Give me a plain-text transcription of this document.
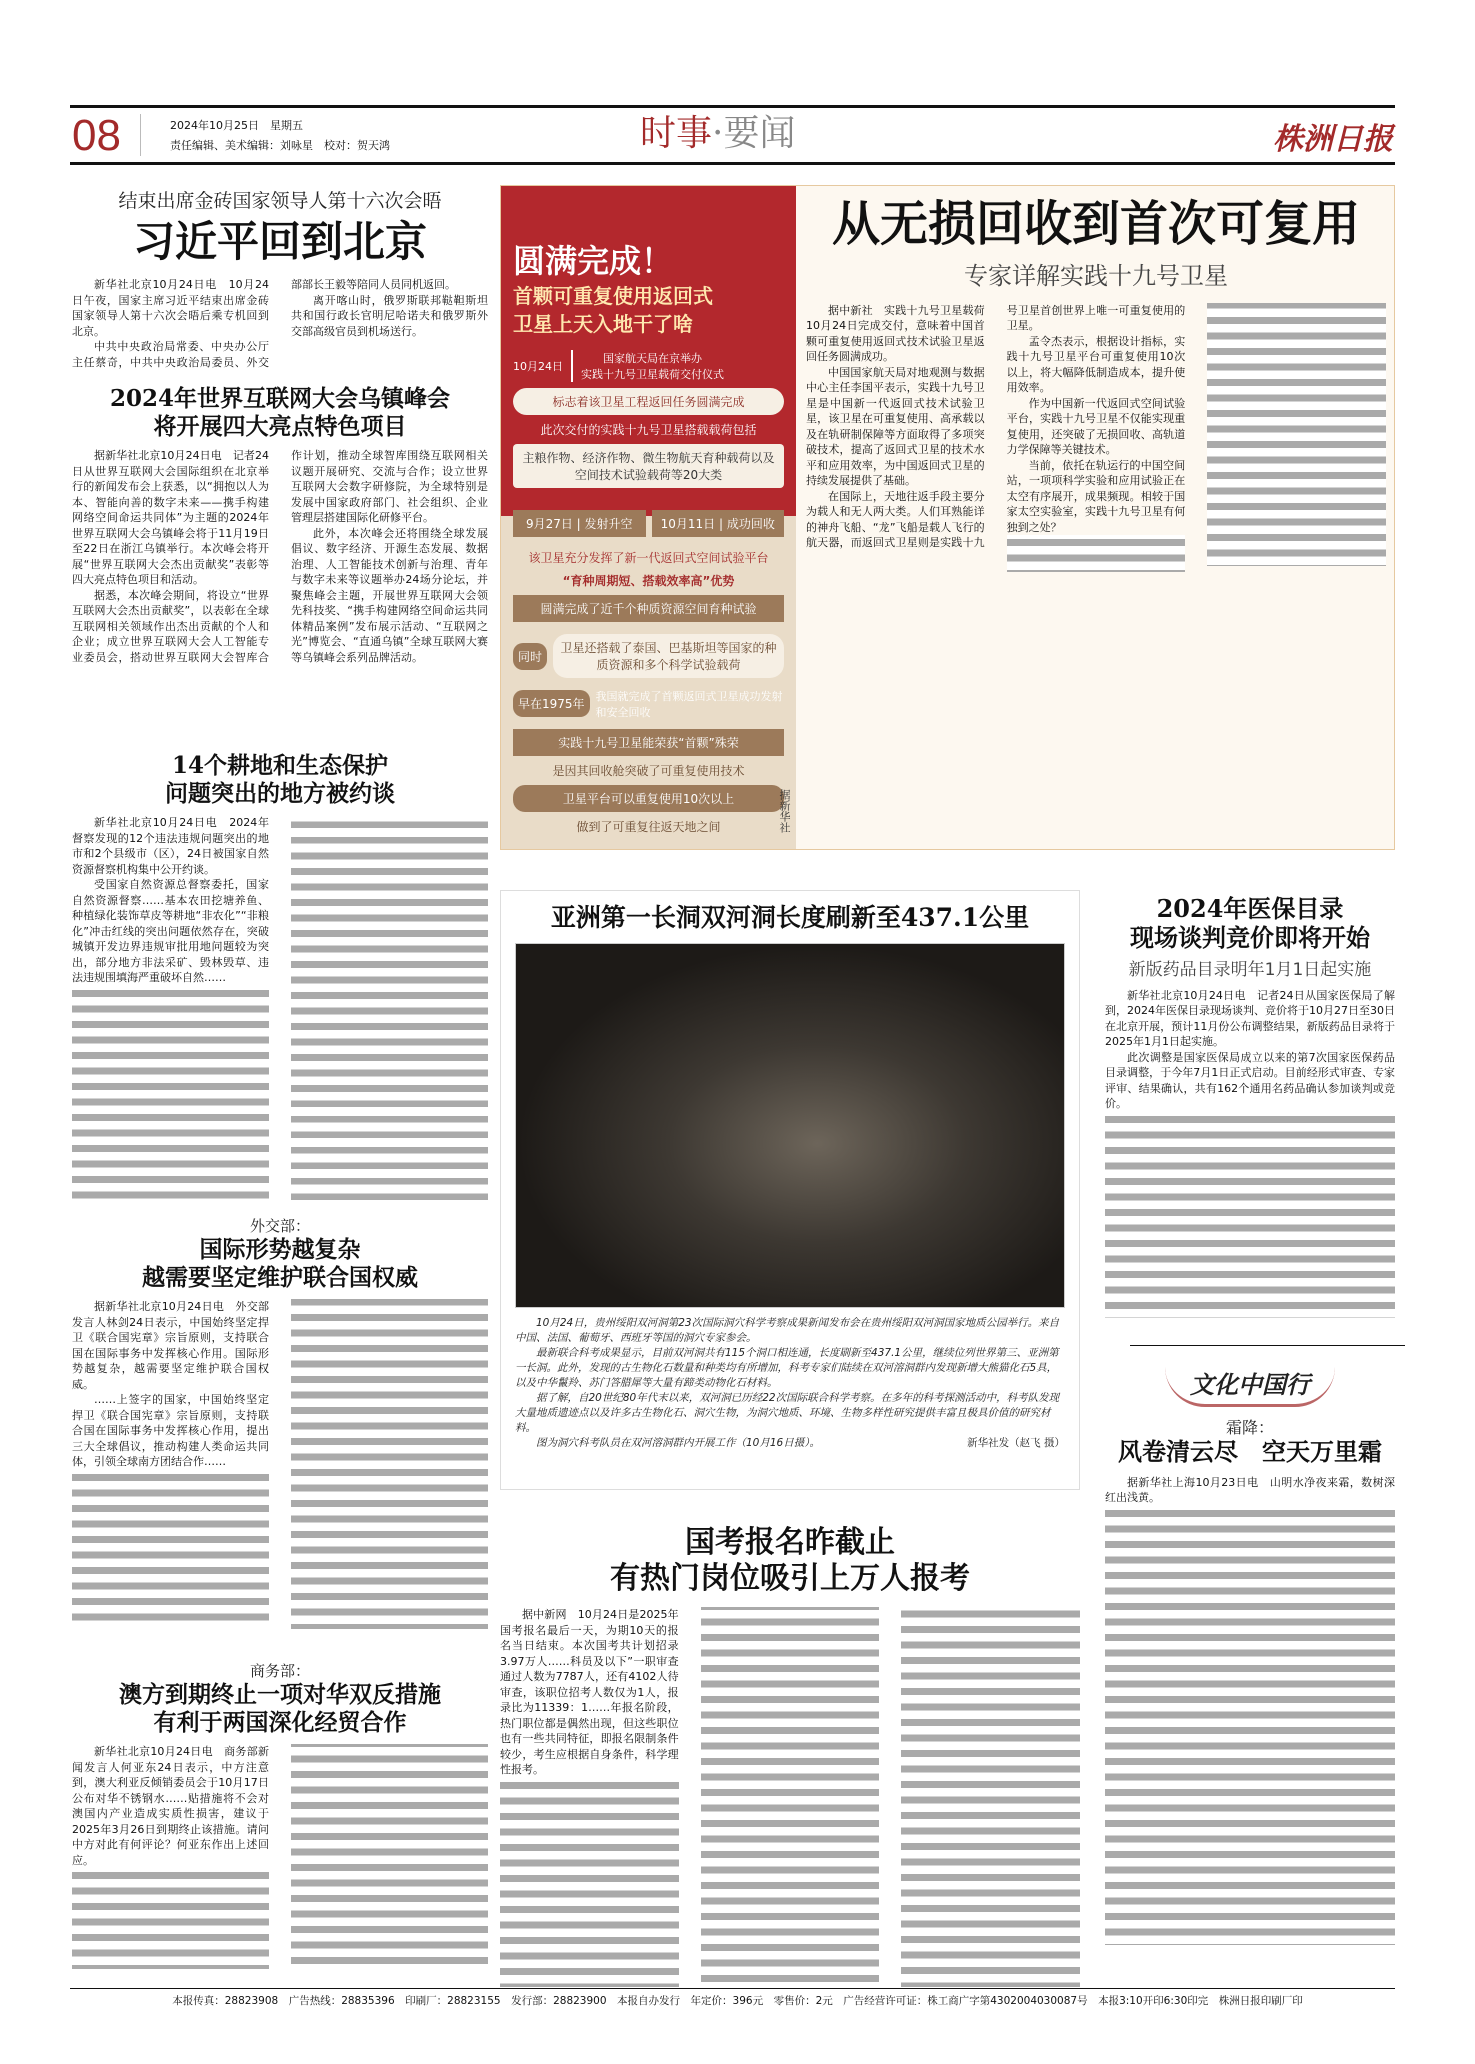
08	2024年10月25日　星期五
责任编辑、美术编辑：刘咏星　校对：贺天鸿	时事·要闻	株洲日报
结束出席金砖国家领导人第十六次会晤
习近平回到北京

新华社北京10月24日电　10月24日午夜，国家主席习近平结束出席金砖国家领导人第十六次会晤后乘专机回到北京。

中共中央政治局常委、中央办公厅主任蔡奇，中共中央政治局委员、外交部部长王毅等陪同人员同机返回。

离开喀山时，俄罗斯联邦鞑靼斯坦共和国行政长官明尼哈诺夫和俄罗斯外交部高级官员到机场送行。

2024年世界互联网大会乌镇峰会
将开展四大亮点特色项目

据新华社北京10月24日电　记者24日从世界互联网大会国际组织在北京举行的新闻发布会上获悉，以“拥抱以人为本、智能向善的数字未来——携手构建网络空间命运共同体”为主题的2024年世界互联网大会乌镇峰会将于11月19日至22日在浙江乌镇举行。本次峰会将开展“世界互联网大会杰出贡献奖”表彰等四大亮点特色项目和活动。

据悉，本次峰会期间，将设立“世界互联网大会杰出贡献奖”，以表彰在全球互联网相关领域作出杰出贡献的个人和企业；成立世界互联网大会人工智能专业委员会，搭动世界互联网大会智库合作计划，推动全球智库围绕互联网相关议题开展研究、交流与合作；设立世界互联网大会数字研修院，为全球特别是发展中国家政府部门、社会组织、企业管理层搭建国际化研修平台。

此外，本次峰会还将围绕全球发展倡议、数字经济、开源生态发展、数据治理、人工智能技术创新与治理、青年与数字未来等议题举办24场分论坛，并聚焦峰会主题，开展世界互联网大会领先科技奖、“携手构建网络空间命运共同体精品案例”发布展示活动、“互联网之光”博览会、“直通乌镇”全球互联网大赛等乌镇峰会系列品牌活动。

14个耕地和生态保护
问题突出的地方被约谈

新华社北京10月24日电　2024年督察发现的12个违法违规问题突出的地市和2个县级市（区），24日被国家自然资源督察机构集中公开约谈。

受国家自然资源总督察委托，国家自然资源督察……基本农田挖塘养鱼、种植绿化装饰草皮等耕地“非农化”“非粮化”冲击红线的突出问题依然存在，突破城镇开发边界违规审批用地问题较为突出，部分地方非法采矿、毁林毁草、违法违规围填海严重破坏自然……

外交部：
国际形势越复杂
越需要坚定维护联合国权威

据新华社北京10月24日电　外交部发言人林剑24日表示，中国始终坚定捍卫《联合国宪章》宗旨原则，支持联合国在国际事务中发挥核心作用。国际形势越复杂，越需要坚定维护联合国权威。

……上签字的国家，中国始终坚定捍卫《联合国宪章》宗旨原则，支持联合国在国际事务中发挥核心作用，提出三大全球倡议，推动构建人类命运共同体，引领全球南方团结合作……

商务部：
澳方到期终止一项对华双反措施
有利于两国深化经贸合作

新华社北京10月24日电　商务部新闻发言人何亚东24日表示，中方注意到，澳大利亚反倾销委员会于10月17日公布对华不锈钢水……贴措施将不会对澳国内产业造成实质性损害，建议于2025年3月26日到期终止该措施。请问中方对此有何评论？何亚东作出上述回应。

圆满完成！
首颗可重复使用返回式
卫星上天入地干了啥
10月24日
国家航天局在京举办
实践十九号卫星载荷交付仪式
标志着该卫星工程返回任务圆满完成
此次交付的实践十九号卫星搭载载荷包括
主粮作物、经济作物、微生物航天育种载荷以及空间技术试验载荷等20大类
9月27日 | 发射升空	10月11日 | 成功回收
该卫星充分发挥了新一代返回式空间试验平台
“育种周期短、搭载效率高”优势
圆满完成了近千个种质资源空间育种试验
同时
卫星还搭载了泰国、巴基斯坦等国家的种质资源和多个科学试验载荷
早在1975年
我国就完成了首颗返回式卫星成功发射和安全回收
实践十九号卫星能荣获“首颗”殊荣
是因其回收舱突破了可重复使用技术
卫星平台可以重复使用10次以上
做到了可重复往返天地之间	据新华社
从无损回收到首次可复用
专家详解实践十九号卫星

据中新社　实践十九号卫星载荷10月24日完成交付，意味着中国首颗可重复使用返回式技术试验卫星返回任务圆满成功。

中国国家航天局对地观测与数据中心主任李国平表示，实践十九号卫星是中国新一代返回式技术试验卫星，该卫星在可重复使用、高承载以及在轨研制保障等方面取得了多项突破技术，提高了返回式卫星的技术水平和应用效率，为中国返回式卫星的持续发展提供了基础。

在国际上，天地往返手段主要分为载人和无人两大类。人们耳熟能详的神舟飞船、“龙”飞船是载人飞行的航天器，而返回式卫星则是实践十九号卫星首创世界上唯一可重复使用的卫星。

孟令杰表示，根据设计指标，实践十九号卫星平台可重复使用10次以上，将大幅降低制造成本，提升使用效率。

作为中国新一代返回式空间试验平台，实践十九号卫星不仅能实现重复使用，还突破了无损回收、高轨道力学保障等关键技术。

当前，依托在轨运行的中国空间站，一项项科学实验和应用试验正在太空有序展开，成果频现。相较于国家太空实验室，实践十九号卫星有何独到之处？

亚洲第一长洞双河洞长度刷新至437.1公里

10月24日，贵州绥阳双河洞第23次国际洞穴科学考察成果新闻发布会在贵州绥阳双河洞国家地质公园举行。来自中国、法国、葡萄牙、西班牙等国的洞穴专家参会。

最新联合科考成果显示，目前双河洞共有115个洞口相连通，长度刷新至437.1公里，继续位列世界第三、亚洲第一长洞。此外，发现的古生物化石数量和种类均有所增加，科考专家们陆续在双河溶洞群内发现新增大熊猫化石5具，以及中华鬣羚、苏门答腊犀等大量有蹄类动物化石材料。

据了解，自20世纪80年代末以来，双河洞已历经22次国际联合科学考察。在多年的科考探测活动中，科考队发现大量地质遗迹点以及许多古生物化石、洞穴生物，为洞穴地质、环境、生物多样性研究提供丰富且极具价值的研究材料。

图为洞穴科考队员在双河溶洞群内开展工作（10月16日摄）。	新华社发（赵飞 摄）

2024年医保目录
现场谈判竞价即将开始
新版药品目录明年1月1日起实施

新华社北京10月24日电　记者24日从国家医保局了解到，2024年医保目录现场谈判、竞价将于10月27日至30日在北京开展，预计11月份公布调整结果，新版药品目录将于2025年1月1日起实施。

此次调整是国家医保局成立以来的第7次国家医保药品目录调整，于今年7月1日正式启动。目前经形式审查、专家评审、结果确认，共有162个通用名药品确认参加谈判或竞价。

文化中国行
霜降：
风卷清云尽　空天万里霜

据新华社上海10月23日电　山明水净夜来霜，数树深红出浅黄。

国考报名昨截止
有热门岗位吸引上万人报考

据中新网　10月24日是2025年国考报名最后一天，为期10天的报名当日结束。本次国考共计划招录3.97万人……科员及以下”一职审查通过人数为7787人，还有4102人待审查，该职位招考人数仅为1人，报录比为11339：1……年报名阶段，热门职位都是偶然出现，但这些职位也有一些共同特征，即报名限制条件较少，考生应根据自身条件，科学理性报考。

本报传真：28823908　广告热线：28835396　印刷厂：28823155　发行部：28823900　本报自办发行　年定价：396元　零售价：2元　广告经营许可证：株工商广字第4302004030087号　本报3:10开印6:30印完　株洲日报印刷厂印
